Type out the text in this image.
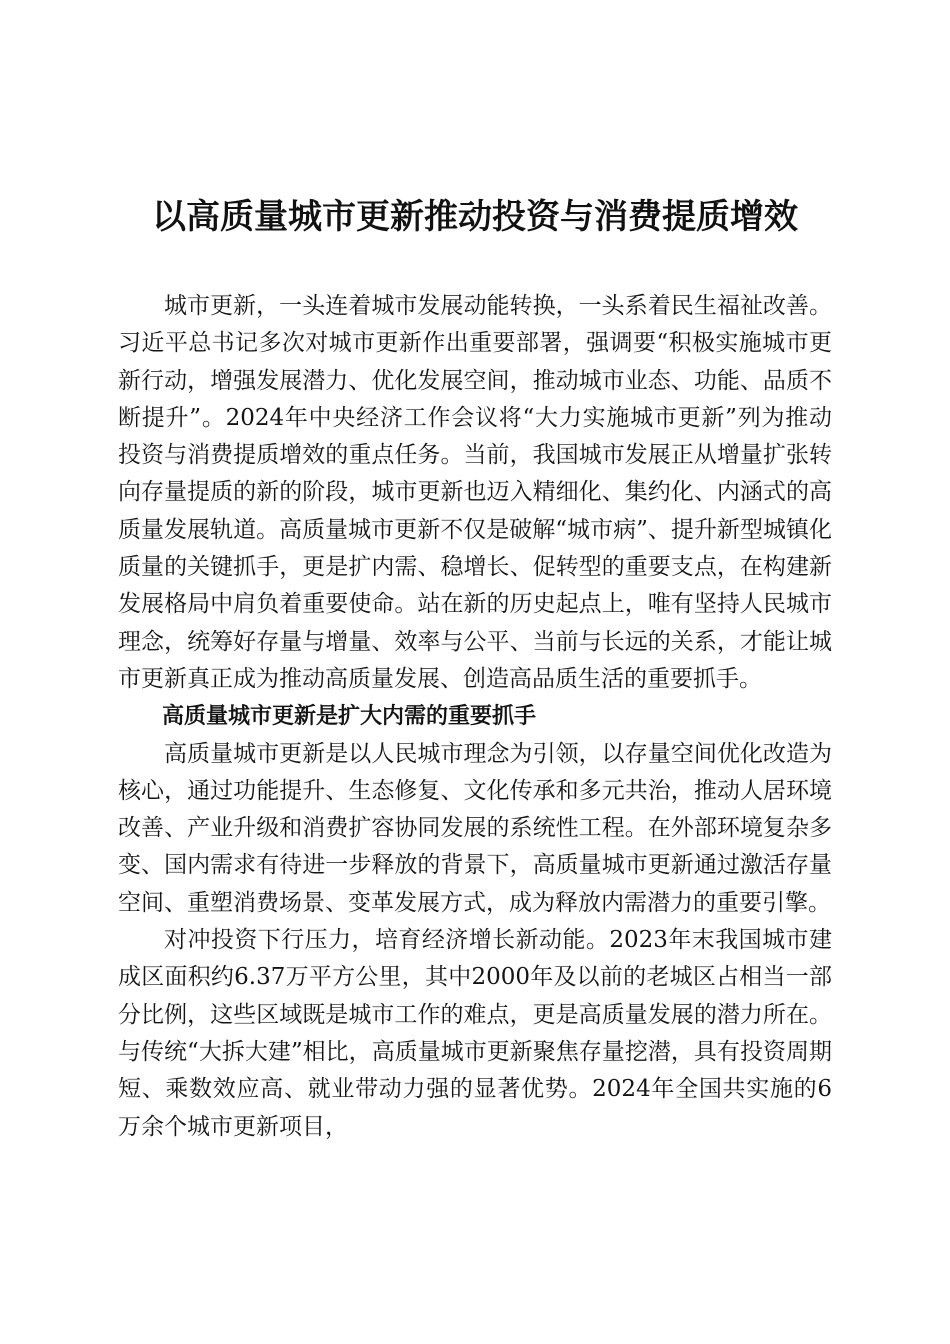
以高质量城市更新推动投资与消费提质增效

城市更新，一头连着城市发展动能转换，一头系着民生福祉改善。习近平总书记多次对城市更新作出重要部署，强调要“积极实施城市更新行动，增强发展潜力、优化发展空间，推动城市业态、功能、品质不断提升”。2024年中央经济工作会议将“大力实施城市更新”列为推动投资与消费提质增效的重点任务。当前，我国城市发展正从增量扩张转向存量提质的新的阶段，城市更新也迈入精细化、集约化、内涵式的高质量发展轨道。高质量城市更新不仅是破解“城市病”、提升新型城镇化质量的关键抓手，更是扩内需、稳增长、促转型的重要支点，在构建新发展格局中肩负着重要使命。站在新的历史起点上，唯有坚持人民城市理念，统筹好存量与增量、效率与公平、当前与长远的关系，才能让城市更新真正成为推动高质量发展、创造高品质生活的重要抓手。

高质量城市更新是扩大内需的重要抓手

高质量城市更新是以人民城市理念为引领，以存量空间优化改造为核心，通过功能提升、生态修复、文化传承和多元共治，推动人居环境改善、产业升级和消费扩容协同发展的系统性工程。在外部环境复杂多变、国内需求有待进一步释放的背景下，高质量城市更新通过激活存量空间、重塑消费场景、变革发展方式，成为释放内需潜力的重要引擎。

对冲投资下行压力，培育经济增长新动能。2023年末我国城市建成区面积约6.37万平方公里，其中2000年及以前的老城区占相当一部分比例，这些区域既是城市工作的难点，更是高质量发展的潜力所在。与传统“大拆大建”相比，高质量城市更新聚焦存量挖潜，具有投资周期短、乘数效应高、就业带动力强的显著优势。2024年全国共实施的6万余个城市更新项目，
